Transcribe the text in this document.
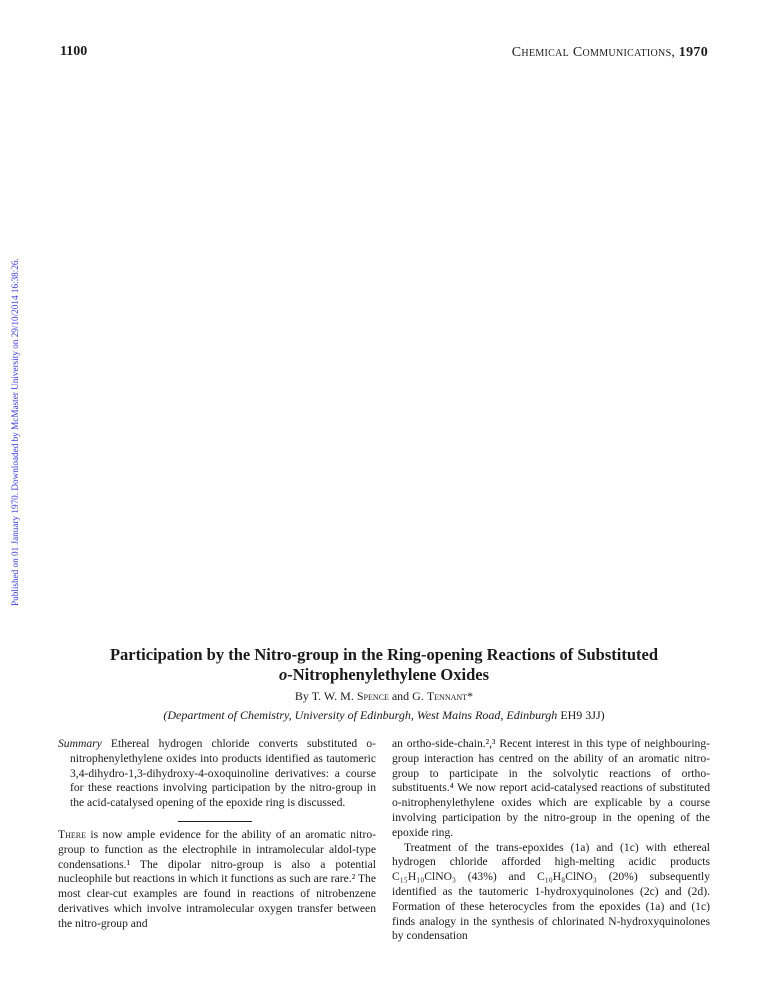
1100	Chemical Communications, 1970
Published on 01 January 1970. Downloaded by McMaster University on 29/10/2014 16:38:26.
Participation by the Nitro-group in the Ring-opening Reactions of Substituted
o-Nitrophenylethylene Oxides
By T. W. M. Spence and G. Tennant*
(Department of Chemistry, University of Edinburgh, West Mains Road, Edinburgh EH9 3JJ)

Summary Ethereal hydrogen chloride converts substituted o-nitrophenylethylene oxides into products identified as tautomeric 3,4-dihydro-1,3-dihydroxy-4-oxoquinoline derivatives: a course for these reactions involving participation by the nitro-group in the acid-catalysed opening of the epoxide ring is discussed.

There is now ample evidence for the ability of an aromatic nitro-group to function as the electrophile in intramolecular aldol-type condensations.¹ The dipolar nitro-group is also a potential nucleophile but reactions in which it functions as such are rare.² The most clear-cut examples are found in reactions of nitrobenzene derivatives which involve intramolecular oxygen transfer between the nitro-group and

an ortho-side-chain.²,³ Recent interest in this type of neighbouring-group interaction has centred on the ability of an aromatic nitro-group to participate in the solvolytic reactions of ortho-substituents.⁴ We now report acid-catalysed reactions of substituted o-nitrophenylethylene oxides which are explicable by a course involving participation by the nitro-group in the opening of the epoxide ring.

Treatment of the trans-epoxides (1a) and (1c) with ethereal hydrogen chloride afforded high-melting acidic products C₁₅H₁₀ClNO₃ (43%) and C₁₀H₈ClNO₃ (20%) subsequently identified as the tautomeric 1-hydroxyquinolones (2c) and (2d). Formation of these heterocycles from the epoxides (1a) and (1c) finds analogy in the synthesis of chlorinated N-hydroxyquinolones by condensation
